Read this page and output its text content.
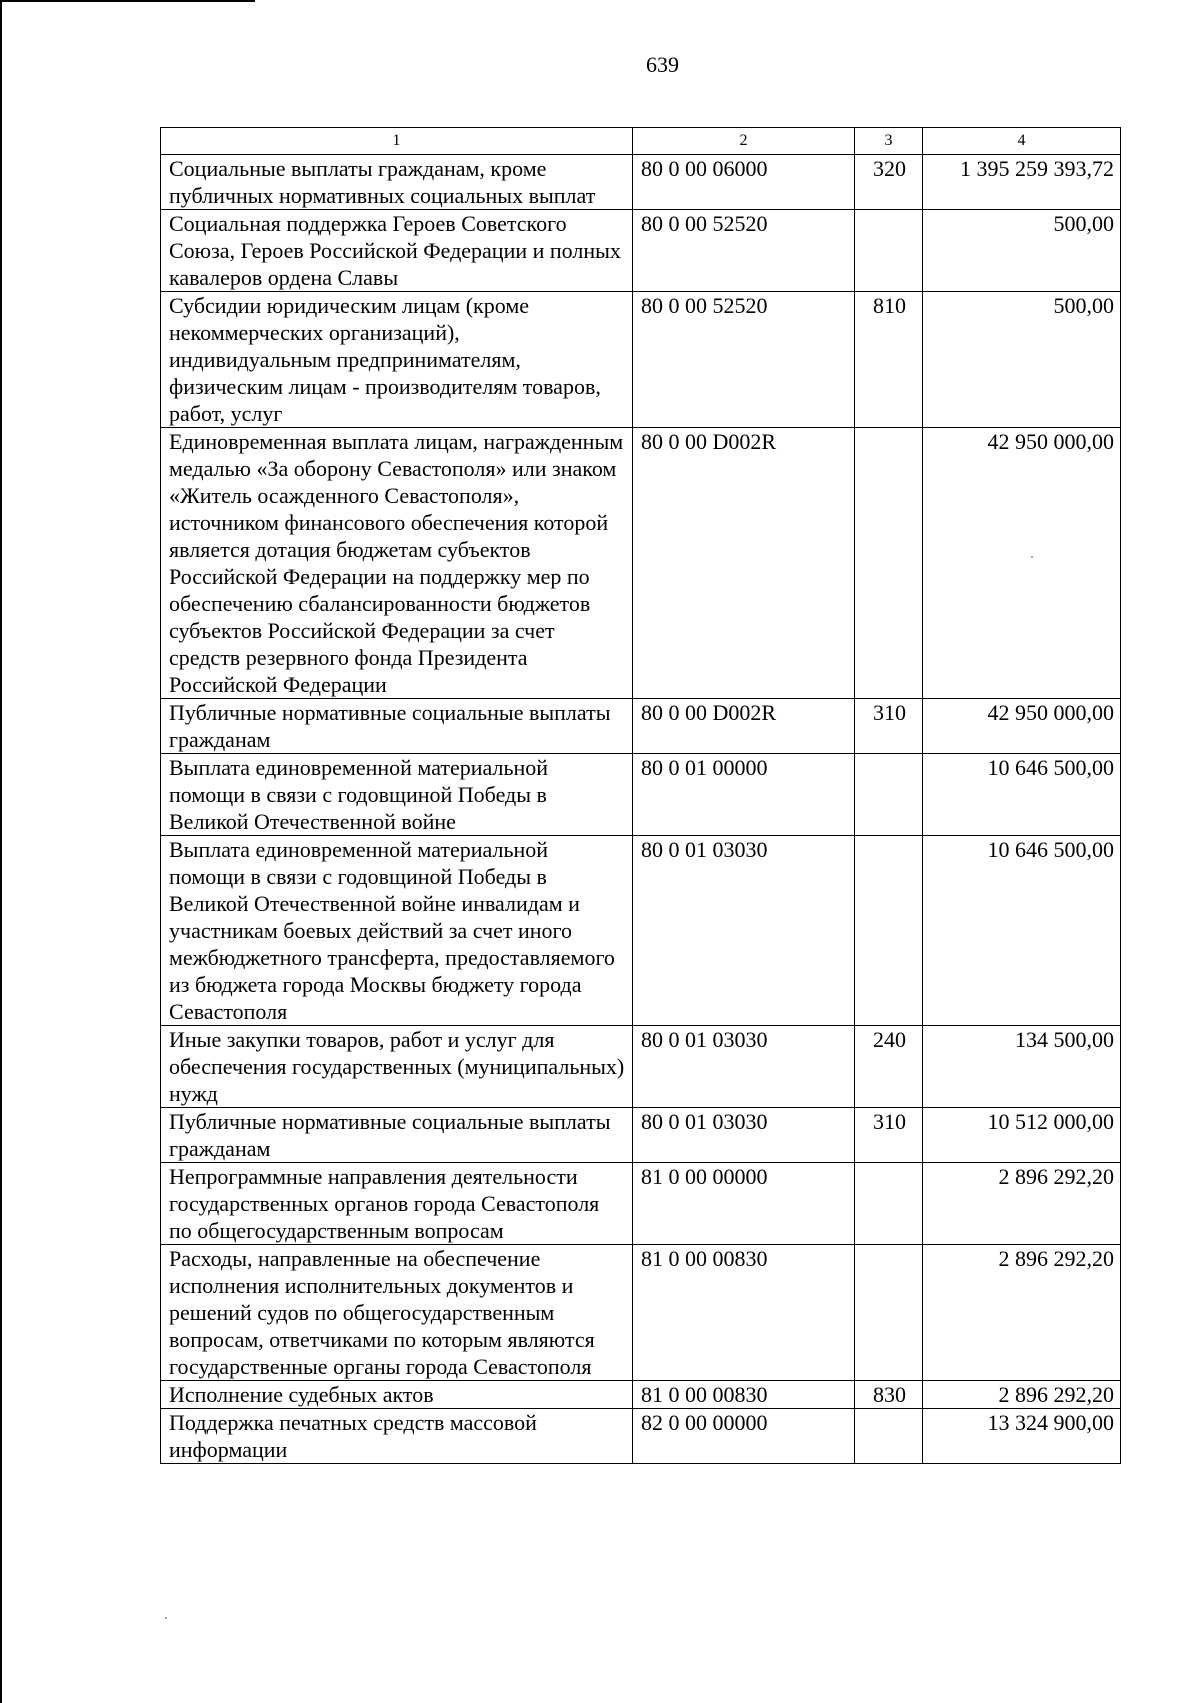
639
1	2	3	4
Социальные выплаты гражданам, кроме публичных нормативных социальных выплат	80 0 00 06000	320	1 395 259 393,72
Социальная поддержка Героев Советского Союза, Героев Российской Федерации и полных кавалеров ордена Славы	80 0 00 52520		500,00
Субсидии юридическим лицам (кроме некоммерческих организаций), индивидуальным предпринимателям, физическим лицам - производителям товаров, работ, услуг	80 0 00 52520	810	500,00
Единовременная выплата лицам, награжденным медалью «За оборону Севастополя» или знаком «Житель осажденного Севастополя», источником финансового обеспечения которой является дотация бюджетам субъектов Российской Федерации на поддержку мер по обеспечению сбалансированности бюджетов субъектов Российской Федерации за счет средств резервного фонда Президента Российской Федерации	80 0 00 D002R		42 950 000,00
Публичные нормативные социальные выплаты гражданам	80 0 00 D002R	310	42 950 000,00
Выплата единовременной материальной помощи в связи с годовщиной Победы в Великой Отечественной войне	80 0 01 00000		10 646 500,00
Выплата единовременной материальной помощи в связи с годовщиной Победы в Великой Отечественной войне инвалидам и участникам боевых действий за счет иного межбюджетного трансферта, предоставляемого из бюджета города Москвы бюджету города Севастополя	80 0 01 03030		10 646 500,00
Иные закупки товаров, работ и услуг для обеспечения государственных (муниципальных) нужд	80 0 01 03030	240	134 500,00
Публичные нормативные социальные выплаты гражданам	80 0 01 03030	310	10 512 000,00
Непрограммные направления деятельности государственных органов города Севастополя по общегосударственным вопросам	81 0 00 00000		2 896 292,20
Расходы, направленные на обеспечение исполнения исполнительных документов и решений судов по общегосударственным вопросам, ответчиками по которым являются государственные органы города Севастополя	81 0 00 00830		2 896 292,20
Исполнение судебных актов	81 0 00 00830	830	2 896 292,20
Поддержка печатных средств массовой информации	82 0 00 00000		13 324 900,00
